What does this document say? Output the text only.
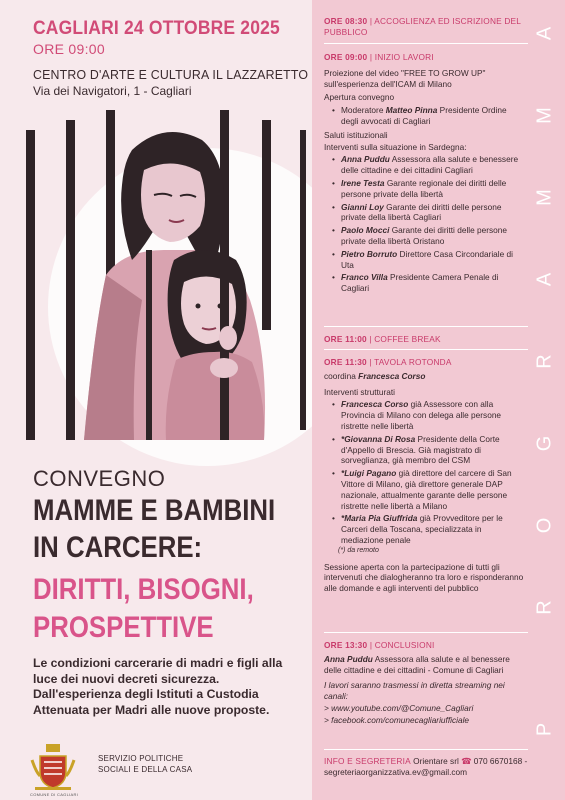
CAGLIARI 24 OTTOBRE 2025
ORE 09:00
CENTRO D'ARTE E CULTURA IL LAZZARETTO
Via dei Navigatori, 1 - Cagliari
CONVEGNO
MAMME E BAMBINI
IN CARCERE:
DIRITTI, BISOGNI,
PROSPETTIVE
Le condizioni carcerarie di madri e figli alla luce dei nuovi decreti sicurezza. Dall'esperienza degli Istituti a Custodia Attenuata per Madri alle nuove proposte.
COMUNE DI CAGLIARI
SERVIZIO POLITICHE
SOCIALI E DELLA CASA
A
M
M
A
R
G
O
R
P
ORE 08:30 | ACCOGLIENZA ED ISCRIZIONE DEL PUBBLICO
ORE 09:00 | INIZIO LAVORI
Proiezione del video "FREE TO GROW UP" sull'esperienza dell'ICAM di Milano
Apertura convegno
• Moderatore Matteo Pinna Presidente Ordine degli avvocati di Cagliari
Saluti istituzionali
Interventi sulla situazione in Sardegna:
• Anna Puddu Assessora alla salute e benessere delle cittadine e dei cittadini Cagliari
• Irene Testa Garante regionale dei diritti delle persone private della libertà
• Gianni Loy Garante dei diritti delle persone private della libertà Cagliari
• Paolo Mocci Garante dei diritti delle persone private della libertà Oristano
• Pietro Borruto Direttore Casa Circondariale di Uta
• Franco Villa Presidente Camera Penale di Cagliari
ORE 11:00 | COFFEE BREAK
ORE 11:30 | TAVOLA ROTONDA
coordina Francesca Corso
Interventi strutturati
• Francesca Corso già Assessore con alla Provincia di Milano con delega alle persone ristrette nelle libertà
• *Giovanna Di Rosa Presidente della Corte d'Appello di Brescia. Già magistrato di sorveglianza, già membro del CSM
• *Luigi Pagano già direttore del carcere di San Vittore di Milano, già direttore generale DAP nazionale, attualmente garante delle persone ristrette nelle libertà a Milano
• *Maria Pia Giuffrida già Provveditore per le Carceri della Toscana, specializzata in mediazione penale
(*) da remoto
Sessione aperta con la partecipazione di tutti gli intervenuti che dialogheranno tra loro e risponderanno alle domande e agli interventi del pubblico
ORE 13:30 | CONCLUSIONI
Anna Puddu Assessora alla salute e al benessere delle cittadine e dei cittadini - Comune di Cagliari
I lavori saranno trasmessi in diretta streaming nei canali:
> www.youtube.com/@Comune_Cagliari
> facebook.com/comunecagliariufficiale
INFO E SEGRETERIA Orientare srl ☎ 070 6670168 -
segreteriaorganizzativa.ev@gmail.com
